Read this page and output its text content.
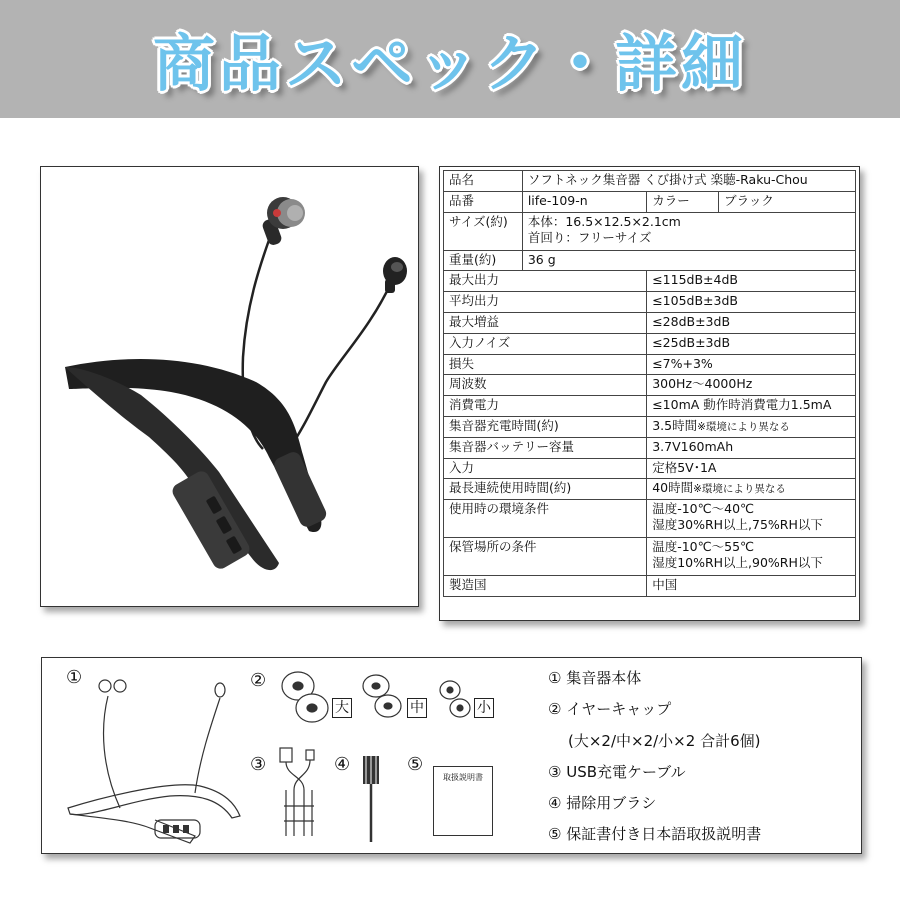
商品スペック・詳細
品名	ソフトネック集音器 くび掛け式 楽聴-Raku-Chou		
品番	life-109-n	カラー	ブラック
サイズ(約)	本体：16.5×12.5×2.1cm
首回り：フリーサイズ		

重量(約)	36 g		
最大出力		≤115dB±4dB	
平均出力		≤105dB±3dB	
最大増益		≤28dB±3dB	
入力ノイズ		≤25dB±3dB	
損失		≤7%+3%	
周波数		300Hz～4000Hz	
消費電力		≤10mA 動作時消費電力1.5mA	
集音器充電時間(約)		3.5時間※環境により異なる	
集音器バッテリー容量		3.7V160mAh	
入力		定格5V･1A	
最長連続使用時間(約)		40時間※環境により異なる	
使用時の環境条件		温度-10℃～40℃
湿度30%RH以上,75%RH以下	

保管場所の条件		温度-10℃～55℃
湿度10%RH以上,90%RH以下	

製造国		中国	
①	②
大	中	小
③	④	⑤
取扱説明書
① 集音器本体
② イヤーキャップ
(大×2/中×2/小×2 合計6個)
③ USB充電ケーブル
④ 掃除用ブラシ
⑤ 保証書付き日本語取扱説明書
